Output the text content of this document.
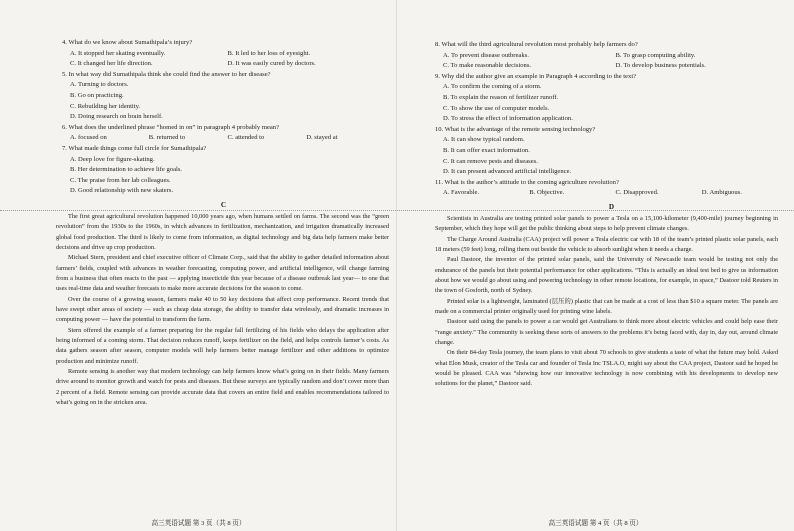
4. What do we know about Sumathipala’s injury?
A. It stopped her skating eventually.	B. It led to her loss of eyesight.
C. It changed her life direction.	D. It was easily cured by doctors.
5. In what way did Sumathipala think she could find the answer to her disease?
A. Turning to doctors.
B. Go on practicing.
C. Rebuilding her identity.
D. Doing research on brain herself.
6. What does the underlined phrase “homed in on” in paragraph 4 probably mean?
A. focused on	B. returned to	C. attended to	D. stayed at
7. What made things come full circle for Sumathipala?
A. Deep love for figure-skating.
B. Her determination to achieve life goals.
C. The praise from her lab colleagues.
D. Good relationship with new skaters.
C

The first great agricultural revolution happened 10,000 years ago, when humans settled on farms. The second was the “green revolution” from the 1930s to the 1960s, in which advances in fertilization, mechanization, and irrigation dramatically increased global food production. The third is likely to come from information, as digital technology and big data help farmers make better decisions and drive up crop production.

Michael Stern, president and chief executive officer of Climate Corp., said that the ability to gather detailed information about farmers’ fields, coupled with advances in weather forecasting, computing power, and artificial intelligence, will change farming from a business that often reacts to the past — applying insecticide this year because of a disease outbreak last year— to one that uses real-time data and weather forecasts to make more accurate decisions for the season to come.

Over the course of a growing season, farmers make 40 to 50 key decisions that affect crop performance. Recent trends that have swept other areas of society — such as cheap data storage, the ability to transfer data wirelessly, and dramatic increases in computing power — have the potential to transform the farm.

Stern offered the example of a farmer preparing for the regular fall fertilizing of his fields who delays the application after being informed of a coming storm. That decision reduces runoff, keeps fertilizer on the field, and helps controls farmer’s costs. As data gathers season after season, computer models will help farmers better manage fertilizer and other additions to optimize production and minimize runoff.

Remote sensing is another way that modern technology can help farmers know what’s going on in their fields. Many farmers drive around to monitor growth and watch for pests and diseases. But these surveys are typically random and don’t cover more than 2 percent of a field. Remote sensing can provide accurate data that covers an entire field and enables recommendations tailored to what’s going on in the stricken area.

高三英语试题 第 3 页（共 8 页）
8. What will the third agricultural revolution most probably help farmers do?
A. To prevent disease outbreaks.	B. To grasp computing ability.
C. To make reasonable decisions.	D. To develop business potentials.
9. Why did the author give an example in Paragraph 4 according to the text?
A. To confirm the coming of a storm.
B. To explain the reason of fertilizer runoff.
C. To show the use of computer models.
D. To stress the effect of information application.
10. What is the advantage of the remote sensing technology?
A. It can show typical random.
B. It can offer exact information.
C. It can remove pests and diseases.
D. It can present advanced artificial intelligence.
11. What is the author’s attitude to the coming agriculture revolution?
A. Favorable.	B. Objective.	C. Disapproved.	D. Ambiguous.
D

Scientists in Australia are testing printed solar panels to power a Tesla on a 15,100-kilometer (9,400-mile) journey beginning in September, which they hope will get the public thinking about steps to help prevent climate changes.

The Charge Around Australia (CAA) project will power a Tesla electric car with 18 of the team’s printed plastic solar panels, each 18 meters (59 feet) long, rolling them out beside the vehicle to absorb sunlight when it needs a charge.

Paul Dastoor, the inventor of the printed solar panels, said the University of Newcastle team would be testing not only the endurance of the panels but their potential performance for other applications. “This is actually an ideal test bed to give us information about how we would go about using and powering technology in other remote locations, for example, in space,” Dastoor told Reuters in the town of Gosforth, north of Sydney.

Printed solar is a lightweight, laminated (层压的) plastic that can be made at a cost of less than $10 a square meter. The panels are made on a commercial printer originally used for printing wine labels.

Dastoor said using the panels to power a car would get Australians to think more about electric vehicles and could help ease their “range anxiety.” The community is seeking these sorts of answers to the problems it’s being faced with, day in, day out, around climate change.

On their 84-day Tesla journey, the team plans to visit about 70 schools to give students a taste of what the future may hold. Asked what Elon Musk, creator of the Tesla car and founder of Tesla Inc TSLA.O, might say about the CAA project, Dastoor said he hoped he would be pleased. CAA was “showing how our innovative technology is now combining with his developments to develop new solutions for the planet,” Dastoor said.

高三英语试题 第 4 页（共 8 页）
